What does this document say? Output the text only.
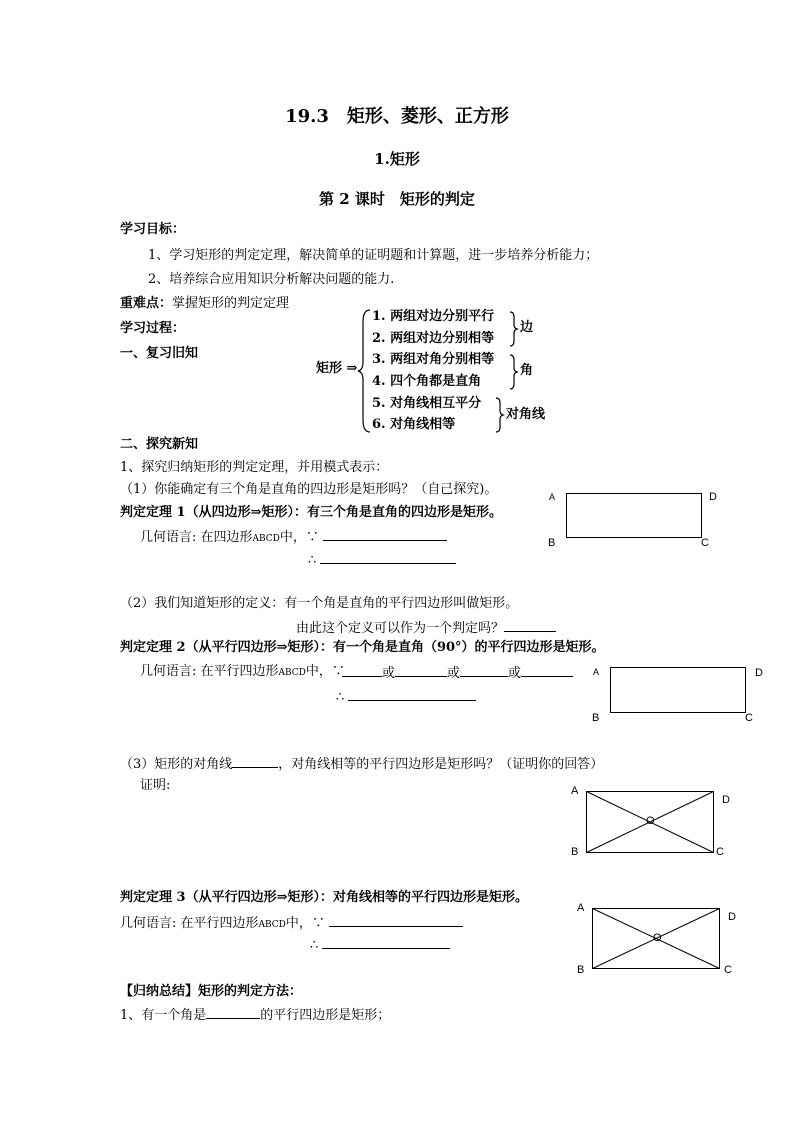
19.3　矩形、菱形、正方形
1.矩形
第 2 课时　矩形的判定
学习目标：
1、学习矩形的判定定理，解决简单的证明题和计算题，进一步培养分析能力；
2、培养综合应用知识分析解决问题的能力.
重难点：掌握矩形的判定定理
学习过程：
一、复习旧知
矩形 ⇒
1. 两组对边分别平行
2. 两组对边分别相等
3. 两组对角分别相等
4. 四个角都是直角
5. 对角线相互平分
6. 对角线相等
边
角
对角线
二、探究新知
1、探究归纳矩形的判定定理，并用模式表示：
（1）你能确定有三个角是直角的四边形是矩形吗？（自己探究)。
判定定理 1（从四边形⇒矩形）：有三个角是直角的四边形是矩形。
几何语言: 在四边形ABCD中，∵
∴
A	D
B	C
（2）我们知道矩形的定义：有一个角是直角的平行四边形叫做矩形。
由此这个定义可以作为一个判定吗？
判定定理 2（从平行四边形⇒矩形）：有一个角是直角（90°）的平行四边形是矩形。
几何语言: 在平行四边形ABCD中，∵	或	或	或
∴
A	D
B	C
（3）矩形的对角线	，对角线相等的平行四边形是矩形吗？（证明你的回答）
证明:	A
D
B	C
O
判定定理 3（从平行四边形⇒矩形）：对角线相等的平行四边形是矩形。
几何语言: 在平行四边形ABCD中，∵
∴
A
D
B	C
O
【归纳总结】矩形的判定方法：
1、有一个角是	的平行四边形是矩形；
